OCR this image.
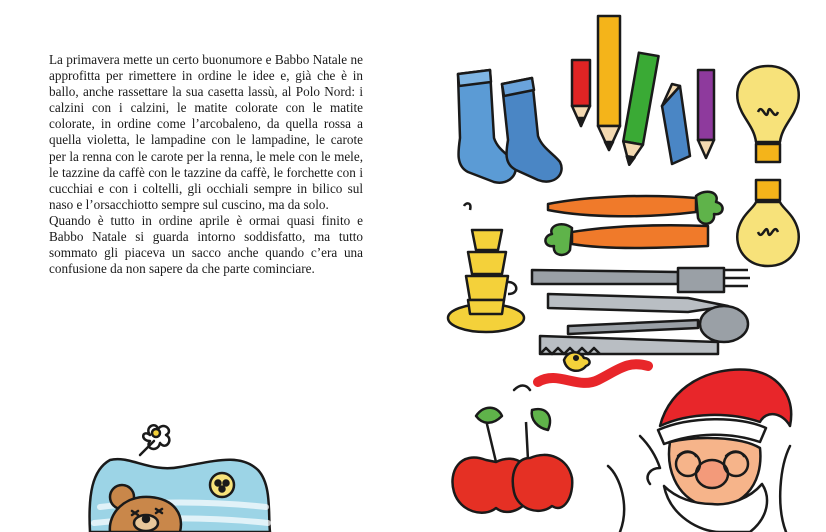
La primavera mette un certo buonumore e Babbo Natale ne approfitta per rimettere in ordine le idee e, già che è in ballo, anche rassettare la sua casetta lassù, al Polo Nord: i calzini con i calzini, le matite colorate con le matite colorate, in ordine come l’arcobaleno, da quella rossa a quella violetta, le lampadine con le lampadine, le carote per la renna con le carote per la renna, le mele con le mele, le tazzine da caffè con le tazzine da caffè, le forchette con i cucchiai e con i coltelli, gli occhiali sempre in bilico sul naso e l’orsacchiotto sempre sul cuscino, ma da solo.

Quando è tutto in ordine aprile è ormai quasi finito e Babbo Natale si guarda intorno soddisfatto, ma tutto sommato gli piaceva un sacco anche quando c’era una confusione da non sapere da che parte cominciare.
